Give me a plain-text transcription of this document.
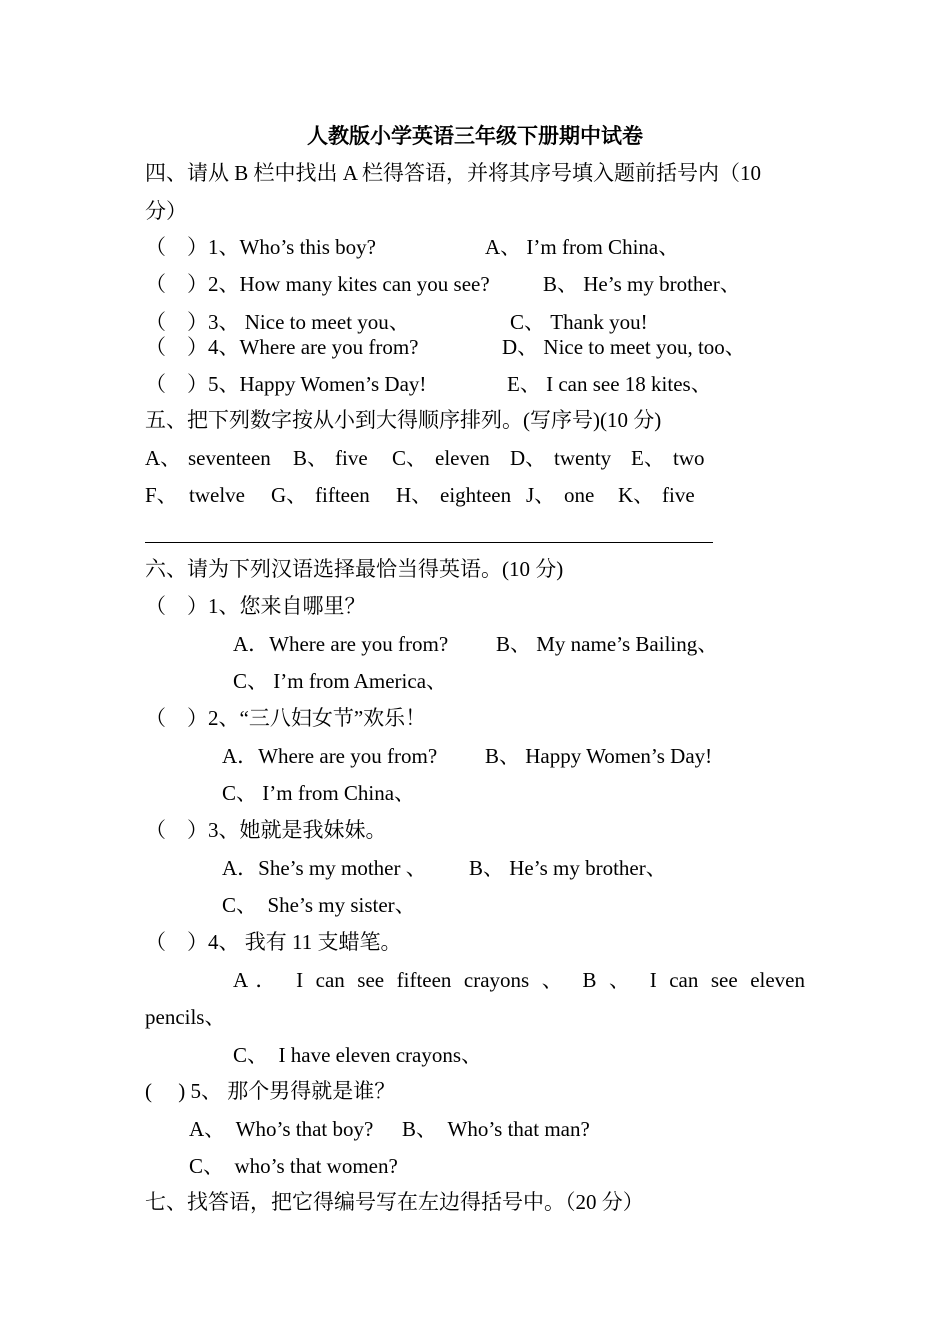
人教版小学英语三年级下册期中试卷
四、请从 B 栏中找出 A 栏得答语，并将其序号填入题前括号内（10
分）
（　）1、Who’s this boy?	A、 I’m from China、
（　）2、How many kites can you see?	B、 He’s my brother、
（　）3、 Nice to meet you、	C、 Thank you!
（　）4、Where are you from?	D、 Nice to meet you, too、
（　）5、Happy Women’s Day!	E、 I can see 18 kites、
五、把下列数字按从小到大得顺序排列。(写序号)(10 分)
A、 seventeen B、 five C、 eleven D、 twenty E、 two
F、 twelve G、 fifteen H、 eighteen J、 one K、 five
六、请为下列汉语选择最恰当得英语。(10 分)
（　）1、您来自哪里？
A．Where are you from? B、 My name’s Bailing、
C、 I’m from America、
（　）2、“三八妇女节”欢乐！
A．Where are you from? B、 Happy Women’s Day!
C、 I’m from China、
（　）3、她就是我妹妹。
A．She’s my mother 、 B、 He’s my brother、
C、  She’s my sister、
（　）4、 我有 11 支蜡笔。
A． I can see fifteen crayons 、 B 、 I can see eleven
pencils、
C、  I have eleven crayons、
(　 ) 5、 那个男得就是谁？
A、  Who’s that boy? B、  Who’s that man?
C、  who’s that women?
七、找答语，把它得编号写在左边得括号中。（20 分）
